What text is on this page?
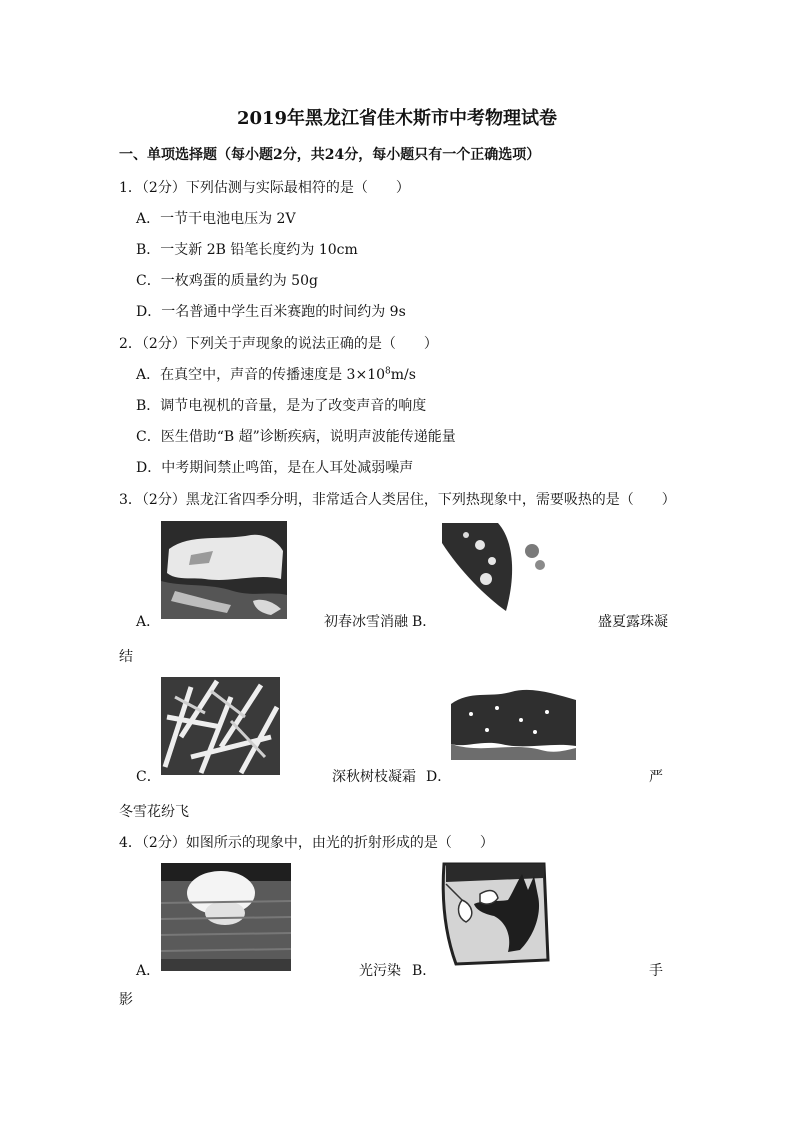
2019年黑龙江省佳木斯市中考物理试卷
一、单项选择题（每小题2分，共24分，每小题只有一个正确选项）
1．（2分）下列估测与实际最相符的是（　　）
A．一节干电池电压为 2V
B．一支新 2B 铅笔长度约为 10cm
C．一枚鸡蛋的质量约为 50g
D．一名普通中学生百米赛跑的时间约为 9s
2．（2分）下列关于声现象的说法正确的是（　　）
A．在真空中，声音的传播速度是 $3\times 10^8m/s$
B．调节电视机的音量，是为了改变声音的响度
C．医生借助“B 超”诊断疾病，说明声波能传递能量
D．中考期间禁止鸣笛，是在人耳处减弱噪声
3．（2分）黑龙江省四季分明，非常适合人类居住，下列热现象中，需要吸热的是（　　）
A．	初春冰雪消融 B．	盛夏露珠凝
结
C．	深秋树枝凝霜 D．	严
冬雪花纷飞
4．（2分）如图所示的现象中，由光的折射形成的是（　　）
A．	光污染 B．	手
影
